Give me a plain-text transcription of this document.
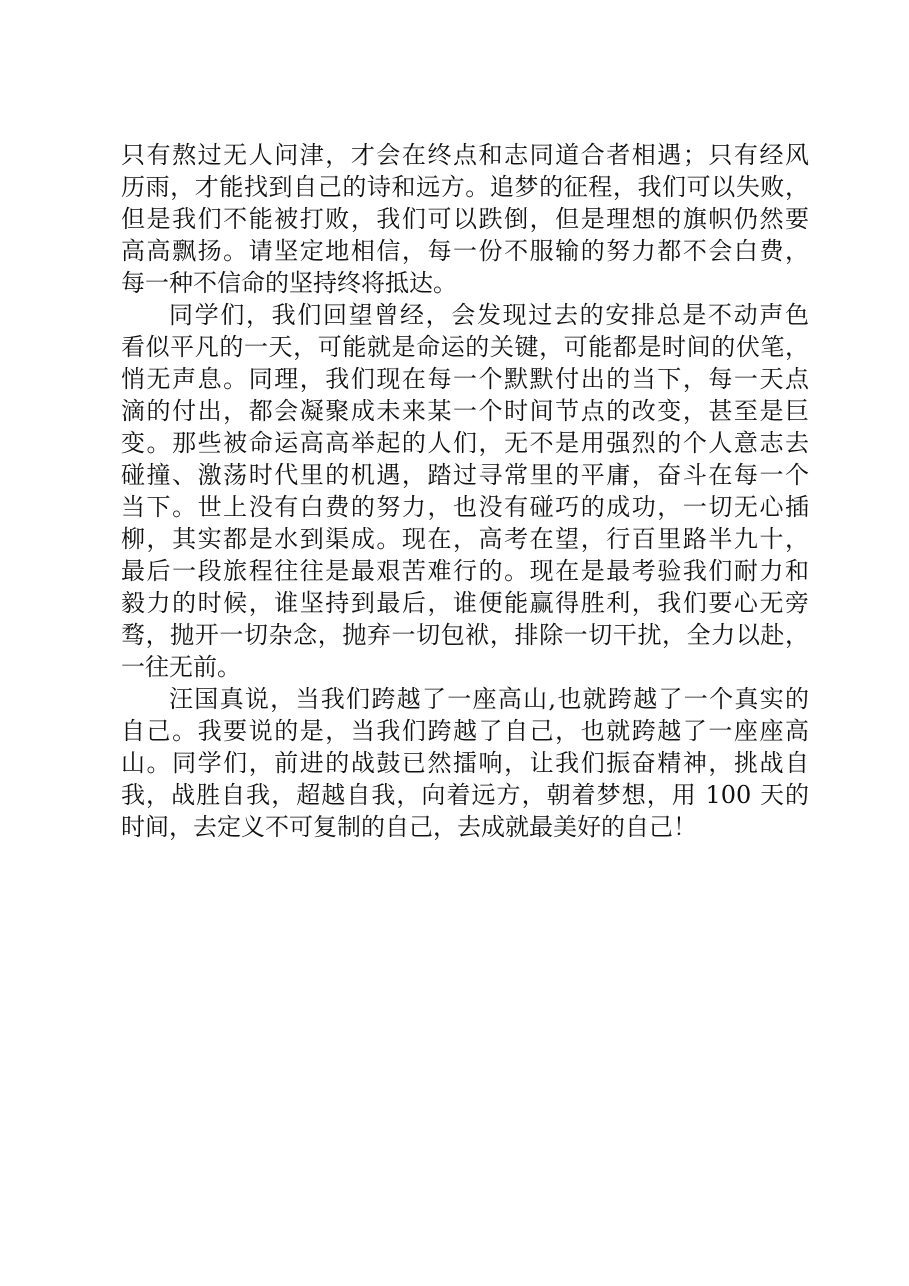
只有熬过无人问津，才会在终点和志同道合者相遇；只有经风
历雨，才能找到自己的诗和远方。追梦的征程，我们可以失败，
但是我们不能被打败，我们可以跌倒，但是理想的旗帜仍然要
高高飘扬。请坚定地相信，每一份不服输的努力都不会白费，
每一种不信命的坚持终将抵达。
同学们，我们回望曾经，会发现过去的安排总是不动声色
看似平凡的一天，可能就是命运的关键，可能都是时间的伏笔，
悄无声息。同理，我们现在每一个默默付出的当下，每一天点
滴的付出，都会凝聚成未来某一个时间节点的改变，甚至是巨
变。那些被命运高高举起的人们，无不是用强烈的个人意志去
碰撞、激荡时代里的机遇，踏过寻常里的平庸，奋斗在每一个
当下。世上没有白费的努力，也没有碰巧的成功，一切无心插
柳，其实都是水到渠成。现在，高考在望，行百里路半九十，
最后一段旅程往往是最艰苦难行的。现在是最考验我们耐力和
毅力的时候，谁坚持到最后，谁便能赢得胜利，我们要心无旁
骛，抛开一切杂念，抛弃一切包袱，排除一切干扰，全力以赴，
一往无前。
汪国真说，当我们跨越了一座高山,也就跨越了一个真实的
自己。我要说的是，当我们跨越了自己，也就跨越了一座座高
山。同学们，前进的战鼓已然擂响，让我们振奋精神，挑战自
我，战胜自我，超越自我，向着远方，朝着梦想，用 100 天的
时间，去定义不可复制的自己，去成就最美好的自己！
